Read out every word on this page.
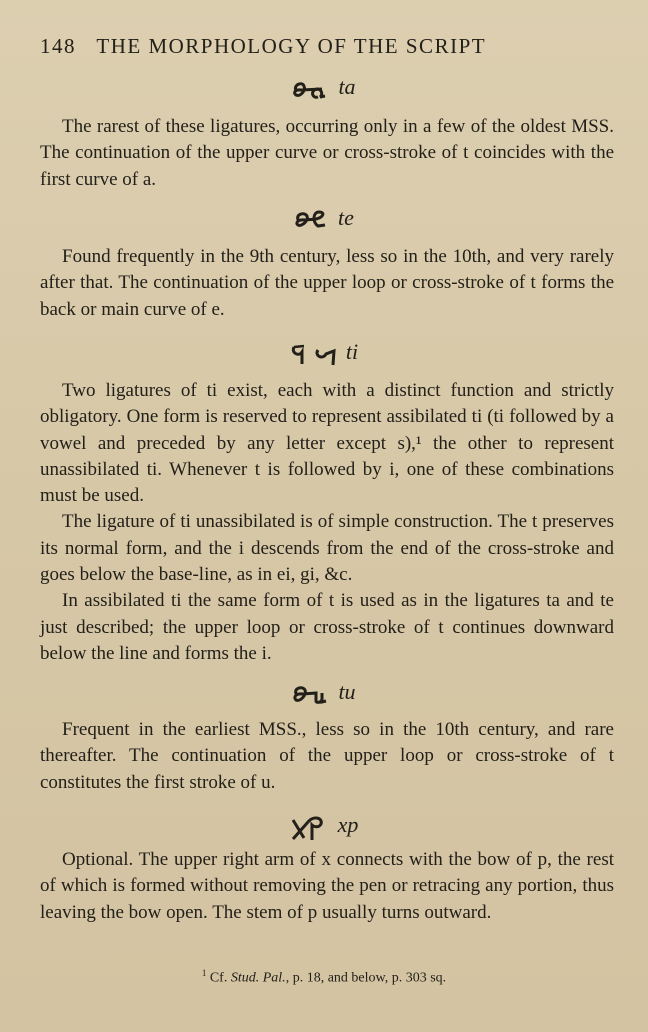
148 THE MORPHOLOGY OF THE SCRIPT
ta

The rarest of these ligatures, occurring only in a few of the oldest MSS. The continuation of the upper curve or cross-stroke of t coincides with the first curve of a.

te

Found frequently in the 9th century, less so in the 10th, and very rarely after that. The continuation of the upper loop or cross-stroke of t forms the back or main curve of e.

ti

Two ligatures of ti exist, each with a distinct function and strictly obligatory. One form is reserved to represent assibilated ti (ti followed by a vowel and preceded by any letter except s),¹ the other to represent unassibilated ti. Whenever t is followed by i, one of these combinations must be used.

The ligature of ti unassibilated is of simple construction. The t preserves its normal form, and the i descends from the end of the cross-stroke and goes below the base-line, as in ei, gi, &c.

In assibilated ti the same form of t is used as in the ligatures ta and te just described; the upper loop or cross-stroke of t continues downward below the line and forms the i.

tu

Frequent in the earliest MSS., less so in the 10th century, and rare thereafter. The continuation of the upper loop or cross-stroke of t constitutes the first stroke of u.

xp

Optional. The upper right arm of x connects with the bow of p, the rest of which is formed without removing the pen or retracing any portion, thus leaving the bow open. The stem of p usually turns outward.

$^1$ Cf. Stud. Pal., p. 18, and below, p. 303 sq.
